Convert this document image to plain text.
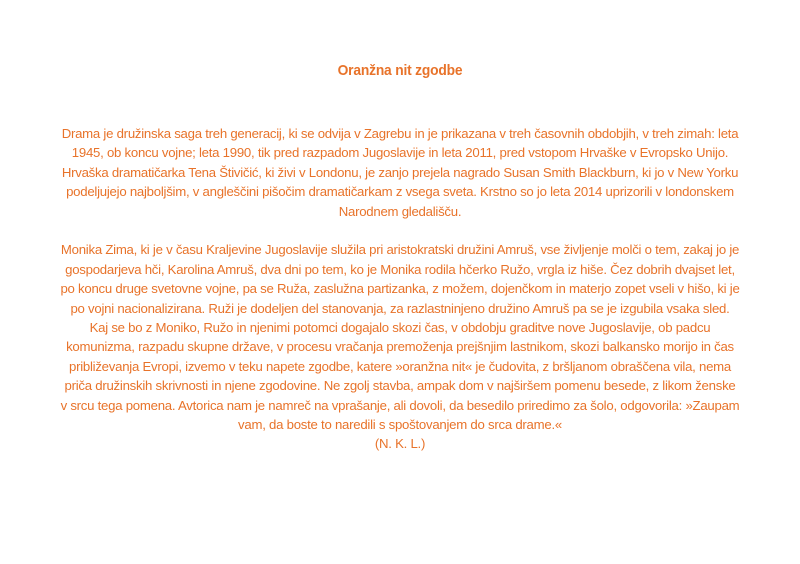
Oranžna nit zgodbe

Drama je družinska saga treh generacij, ki se odvija v Zagrebu in je prikazana v treh časovnih obdobjih, v treh zimah: leta 1945, ob koncu vojne; leta 1990, tik pred razpadom Jugoslavije in leta 2011, pred vstopom Hrvaške v Evropsko Unijo. Hrvaška dramatičarka Tena Štivičić, ki živi v Londonu, je zanjo prejela nagrado Susan Smith Blackburn, ki jo v New Yorku podeljujejo najboljšim, v angleščini pišočim dramatičarkam z vsega sveta. Krstno so jo leta 2014 uprizorili v londonskem Narodnem gledališču.

Monika Zima, ki je v času Kraljevine Jugoslavije služila pri aristokratski družini Amruš, vse življenje molči o tem, zakaj jo je gospodarjeva hči, Karolina Amruš, dva dni po tem, ko je Monika rodila hčerko Ružo, vrgla iz hiše. Čez dobrih dvajset let, po koncu druge svetovne vojne, pa se Ruža, zaslužna partizanka, z možem, dojenčkom in materjo zopet vseli v hišo, ki je po vojni nacionalizirana. Ruži je dodeljen del stanovanja, za razlastninjeno družino Amruš pa se je izgubila vsaka sled. Kaj se bo z Moniko, Ružo in njenimi potomci dogajalo skozi čas, v obdobju graditve nove Jugoslavije, ob padcu komunizma, razpadu skupne države, v procesu vračanja premoženja prejšnjim lastnikom, skozi balkansko morijo in čas približevanja Evropi, izvemo v teku napete zgodbe, katere »oranžna nit« je čudovita, z bršljanom obraščena vila, nema priča družinskih skrivnosti in njene zgodovine. Ne zgolj stavba, ampak dom v najširšem pomenu besede, z likom ženske v srcu tega pomena. Avtorica nam je namreč na vprašanje, ali dovoli, da besedilo priredimo za šolo, odgovorila: »Zaupam vam, da boste to naredili s spoštovanjem do srca drame.«
(N. K. L.)
